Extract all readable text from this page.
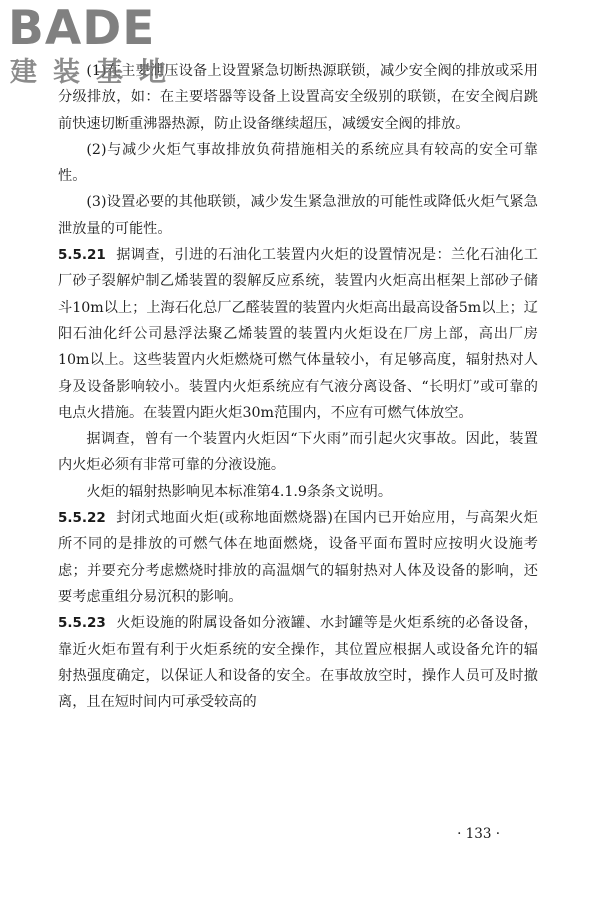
BADE
建装基地

(1)在主要泄压设备上设置紧急切断热源联锁，减少安全阀的排放或采用分级排放，如：在主要塔器等设备上设置高安全级别的联锁，在安全阀启跳前快速切断重沸器热源，防止设备继续超压，减缓安全阀的排放。

(2)与减少火炬气事故排放负荷措施相关的系统应具有较高的安全可靠性。

(3)设置必要的其他联锁，减少发生紧急泄放的可能性或降低火炬气紧急泄放量的可能性。

5.5.21 据调查，引进的石油化工装置内火炬的设置情况是：兰化石油化工厂砂子裂解炉制乙烯装置的裂解反应系统，装置内火炬高出框架上部砂子储斗10m以上；上海石化总厂乙醛装置的装置内火炬高出最高设备5m以上；辽阳石油化纤公司悬浮法聚乙烯装置的装置内火炬设在厂房上部，高出厂房10m以上。这些装置内火炬燃烧可燃气体量较小，有足够高度，辐射热对人身及设备影响较小。装置内火炬系统应有气液分离设备、“长明灯”或可靠的电点火措施。在装置内距火炬30m范围内，不应有可燃气体放空。

据调查，曾有一个装置内火炬因“下火雨”而引起火灾事故。因此，装置内火炬必须有非常可靠的分液设施。

火炬的辐射热影响见本标准第4.1.9条条文说明。

5.5.22 封闭式地面火炬(或称地面燃烧器)在国内已开始应用，与高架火炬所不同的是排放的可燃气体在地面燃烧，设备平面布置时应按明火设施考虑；并要充分考虑燃烧时排放的高温烟气的辐射热对人体及设备的影响，还要考虑重组分易沉积的影响。

5.5.23 火炬设施的附属设备如分液罐、水封罐等是火炬系统的必备设备，靠近火炬布置有利于火炬系统的安全操作，其位置应根据人或设备允许的辐射热强度确定，以保证人和设备的安全。在事故放空时，操作人员可及时撤离，且在短时间内可承受较高的

· 133 ·
